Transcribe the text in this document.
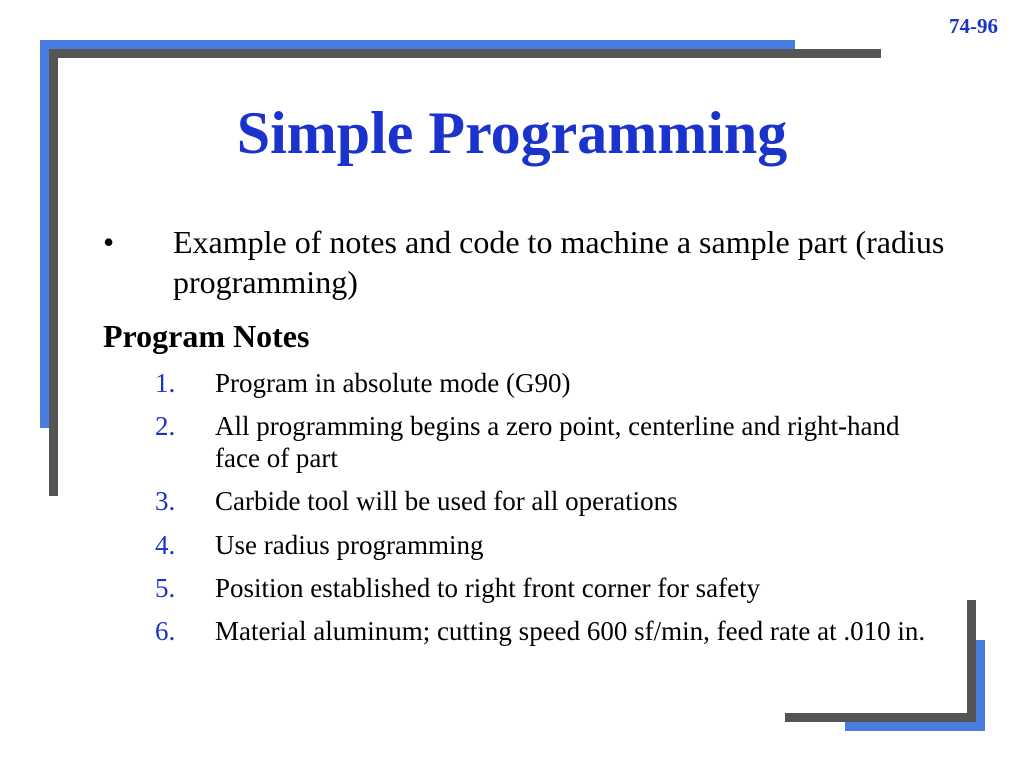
74-96
Simple Programming
•	Example of notes and code to machine a sample part (radius programming)
Program Notes
1.	Program in absolute mode (G90)
2.	All programming begins a zero point, centerline and right-hand face of part
3.	Carbide tool will be used for all operations
4.	Use radius programming
5.	Position established to right front corner for safety
6.	Material aluminum; cutting speed 600 sf/min, feed rate at .010 in.
